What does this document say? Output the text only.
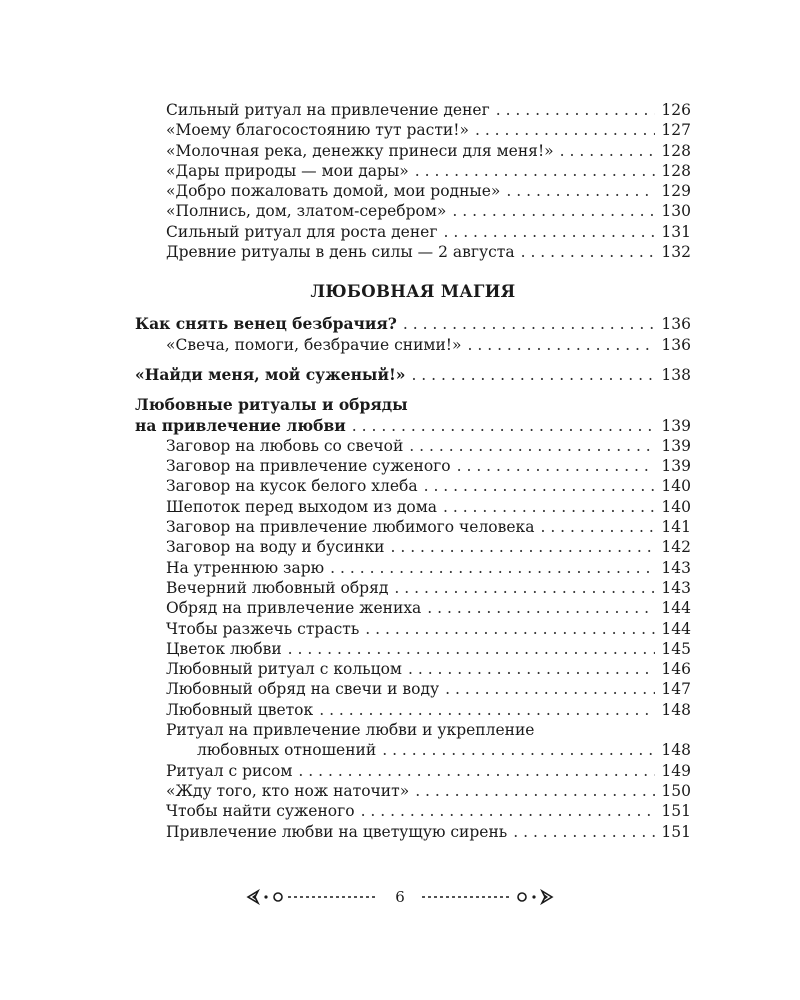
Сильный ритуал на привлечение денег . . .	126
«Моему благосостоянию тут расти!» . . .	127
«Молочная река, денежку принеси для меня!» . . .	128
«Дары природы — мои дары» . . .	128
«Добро пожаловать домой, мои родные» . . .	129
«Полнись, дом, златом-серебром» . . .	130
Сильный ритуал для роста денег . . .	131
Древние ритуалы в день силы — 2 августа . . .	132
ЛЮБОВНАЯ МАГИЯ
Как снять венец безбрачия? . . .	136
«Свеча, помоги, безбрачие сними!» . . .	136
«Найди меня, мой суженый!» . . .	138
Любовные ритуалы и обряды
на привлечение любви . . .	139
Заговор на любовь со свечой . . .	139
Заговор на привлечение суженого . . .	139
Заговор на кусок белого хлеба . . .	140
Шепоток перед выходом из дома . . .	140
Заговор на привлечение любимого человека . . .	141
Заговор на воду и бусинки . . .	142
На утреннюю зарю . . .	143
Вечерний любовный обряд . . .	143
Обряд на привлечение жениха . . .	144
Чтобы разжечь страсть . . .	144
Цветок любви . . .	145
Любовный ритуал с кольцом . . .	146
Любовный обряд на свечи и воду . . .	147
Любовный цветок . . .	148
Ритуал на привлечение любви и укрепление
любовных отношений . . .	148
Ритуал с рисом . . .	149
«Жду того, кто нож наточит» . . .	150
Чтобы найти суженого . . .	151
Привлечение любви на цветущую сирень . . .	151
6
